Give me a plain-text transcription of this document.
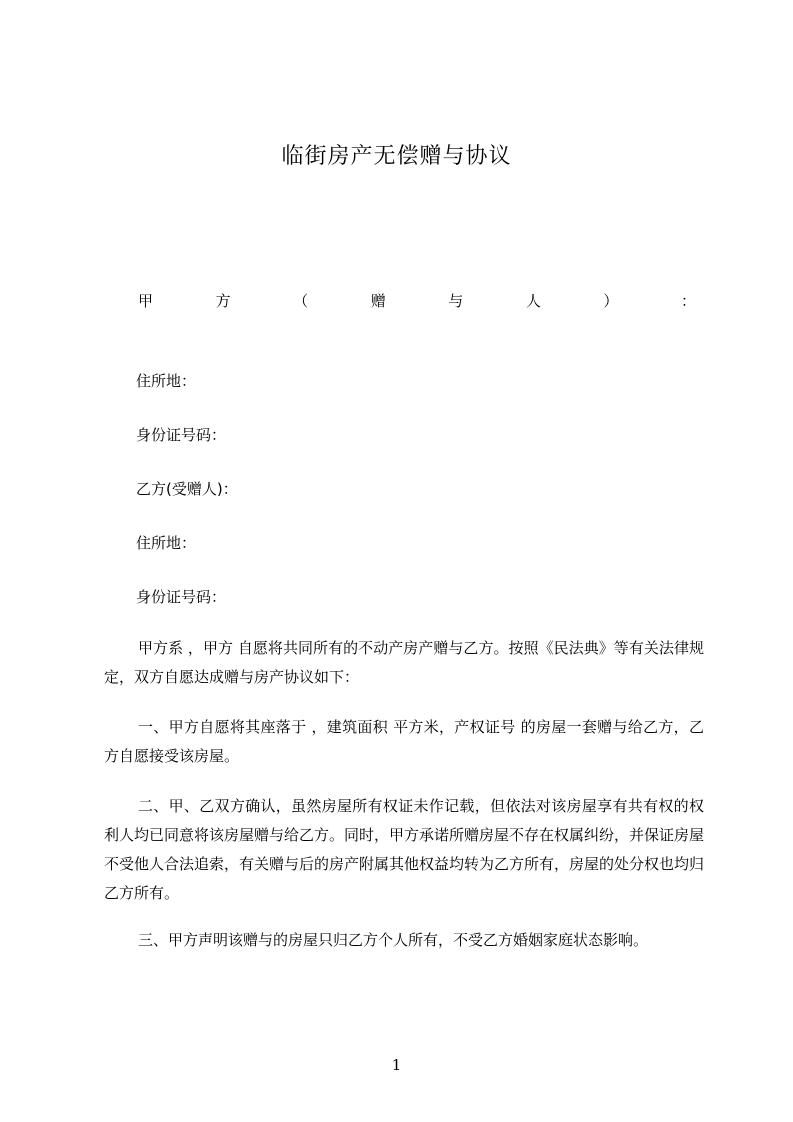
临街房产无偿赠与协议
甲	方	（	赠	与	人	）	：
住所地：
身份证号码：
乙方(受赠人)：
住所地：
身份证号码：
甲方系 ，甲方 自愿将共同所有的不动产房产赠与乙方。按照《民法典》等有关法律规定，双方自愿达成赠与房产协议如下：
一、甲方自愿将其座落于 ，建筑面积 平方米，产权证号 的房屋一套赠与给乙方，乙方自愿接受该房屋。
二、甲、乙双方确认，虽然房屋所有权证未作记载，但依法对该房屋享有共有权的权利人均已同意将该房屋赠与给乙方。同时，甲方承诺所赠房屋不存在权属纠纷，并保证房屋不受他人合法追索，有关赠与后的房产附属其他权益均转为乙方所有，房屋的处分权也均归乙方所有。
三、甲方声明该赠与的房屋只归乙方个人所有，不受乙方婚姻家庭状态影响。
1
